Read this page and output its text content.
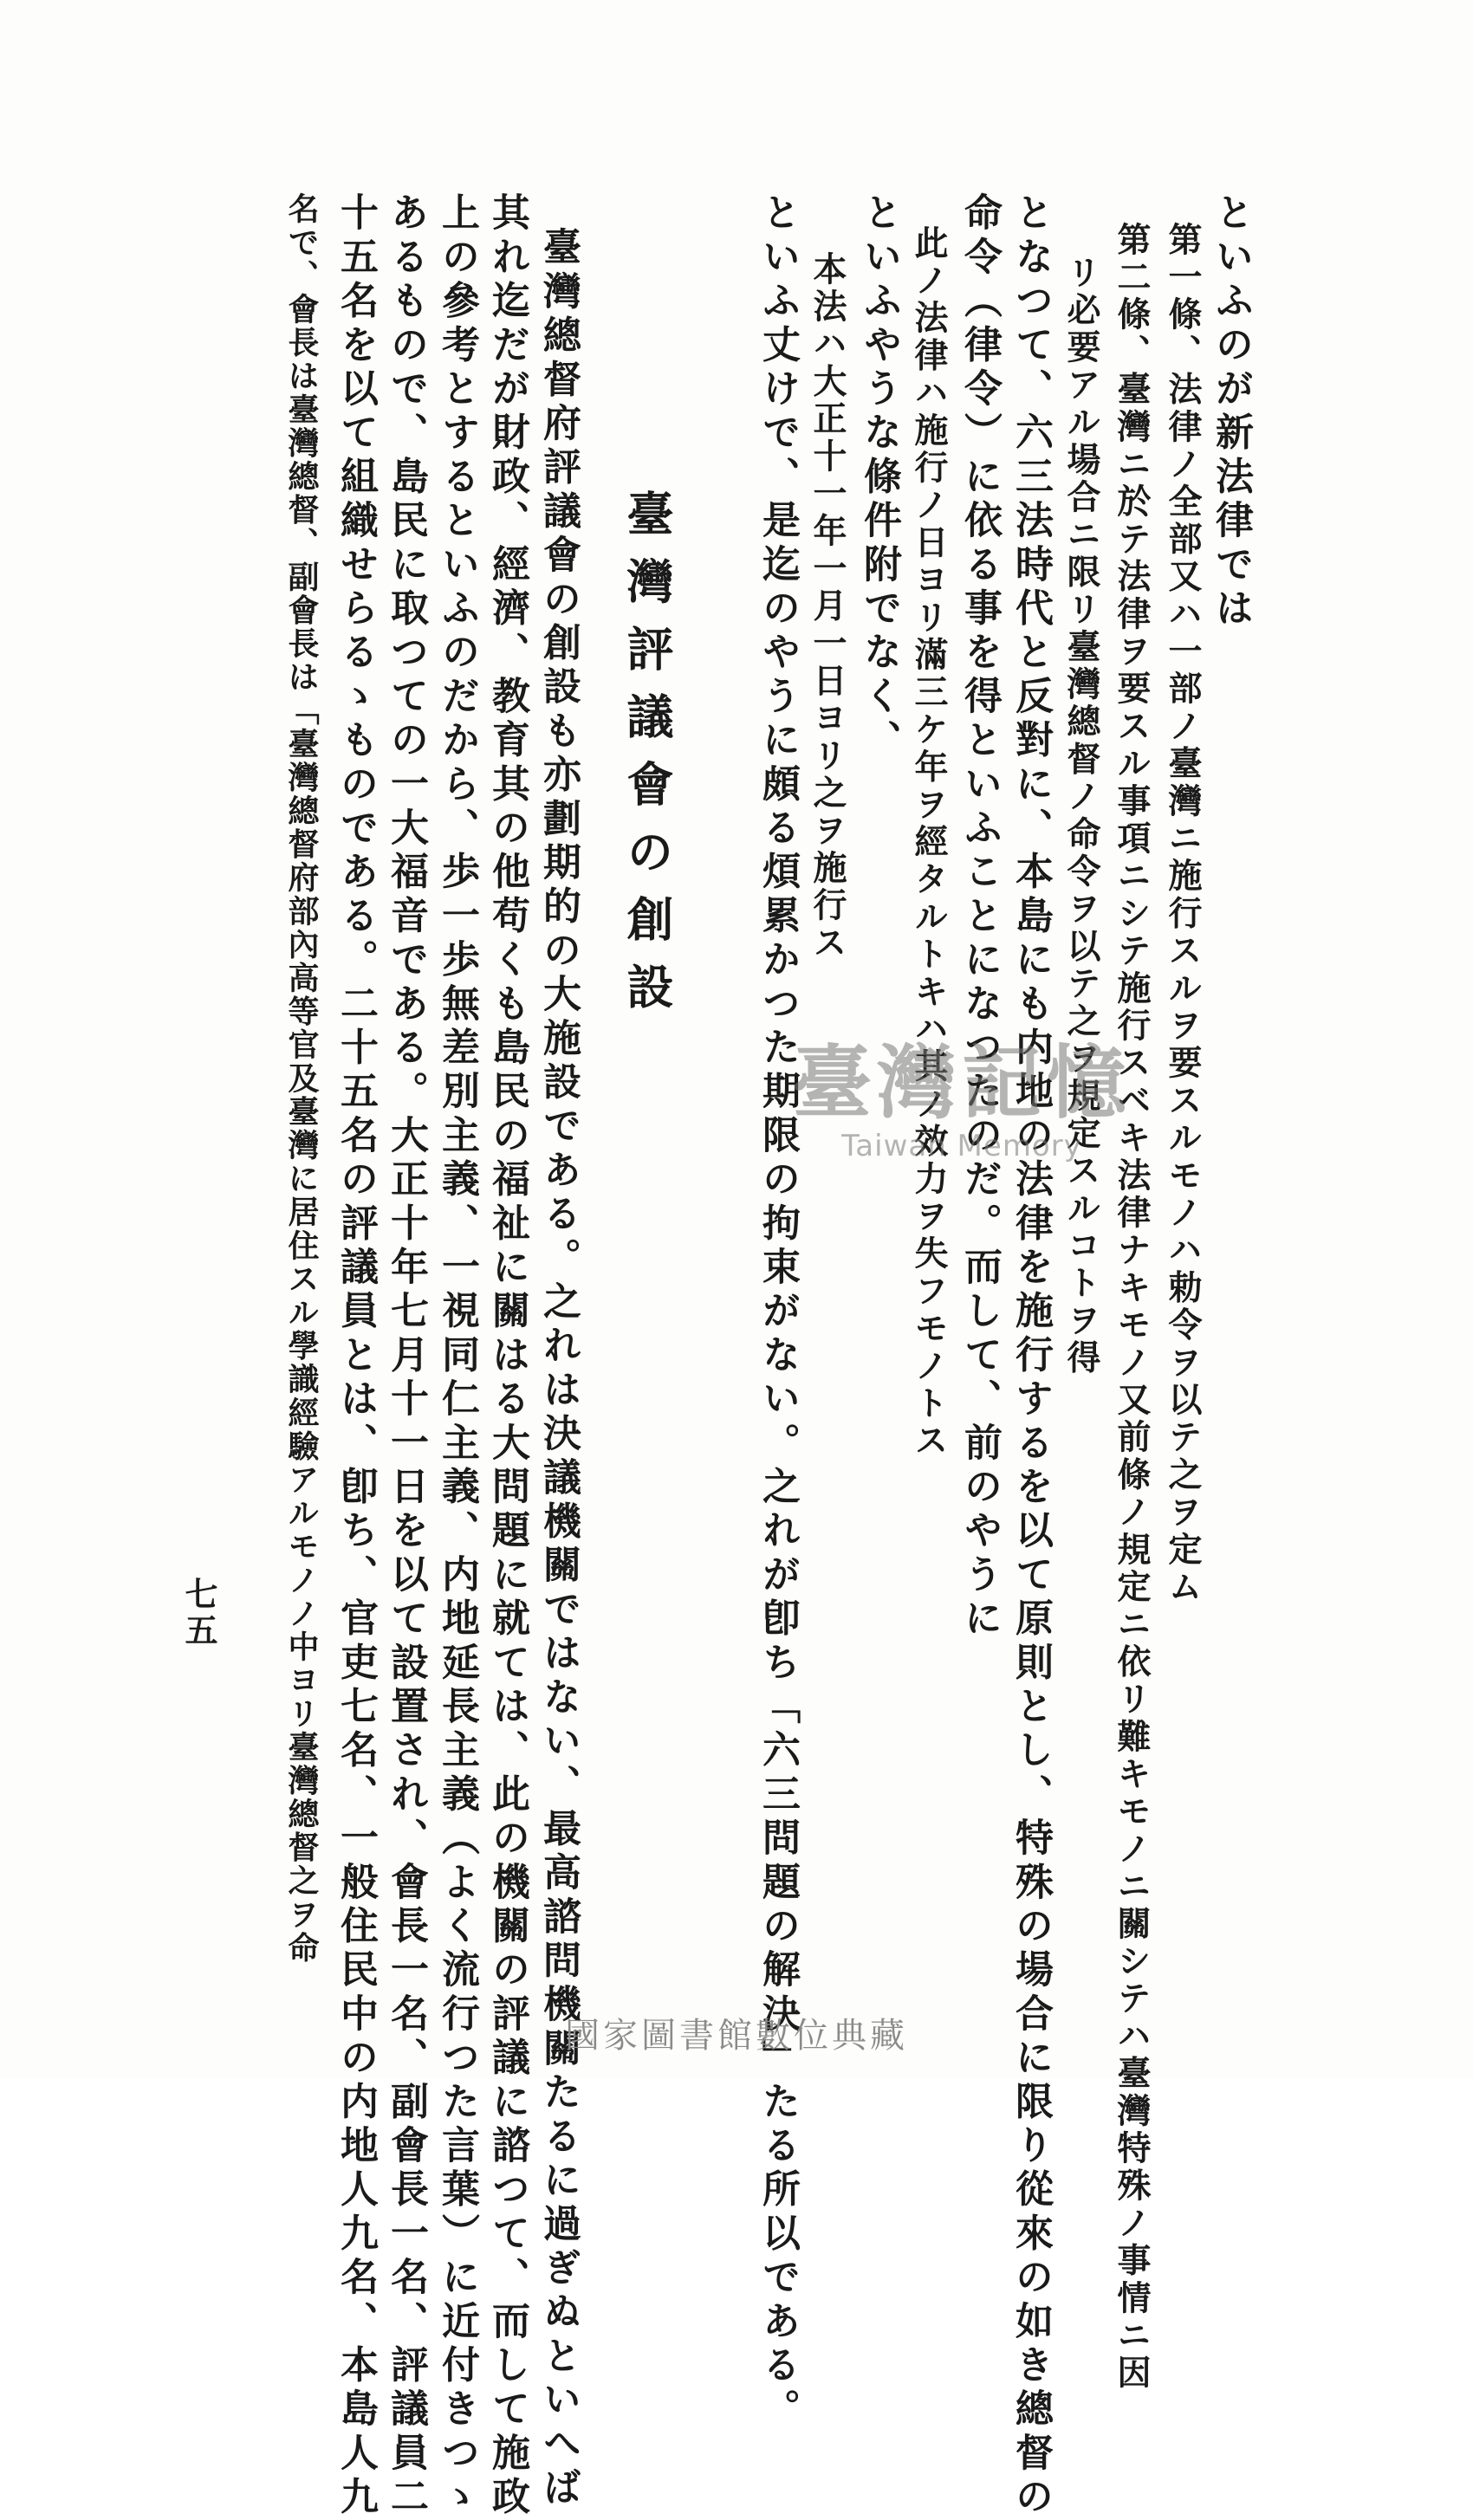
といふのが新法律では
第一條、法律ノ全部又ハ一部ノ臺灣ニ施行スルヲ要スルモノハ勅令ヲ以テ之ヲ定ム
第二條、臺灣ニ於テ法律ヲ要スル事項ニシテ施行スベキ法律ナキモノ又前條ノ規定ニ依リ難キモノニ關シテハ臺灣特殊ノ事情ニ因
リ必要アル場合ニ限リ臺灣總督ノ命令ヲ以テ之ヲ規定スルコトヲ得
となつて、六三法時代と反對に、本島にも内地の法律を施行するを以て原則とし、特殊の場合に限り從來の如き總督の
命令（律令）に依る事を得といふことになつたのだ。而して、前のやうに
此ノ法律ハ施行ノ日ヨリ滿三ケ年ヲ經タルトキハ其ノ效力ヲ失フモノトス
といふやうな條件附でなく、
本法ハ大正十一年一月一日ヨリ之ヲ施行ス
といふ丈けで、是迄のやうに頗る煩累かつた期限の拘束がない。之れが卽ち「六三問題の解決」たる所以である。
臺灣評議會の創設
臺灣總督府評議會の創設も亦劃期的の大施設である。之れは決議機關ではない、最高諮問機關たるに過ぎぬといへば
其れ迄だが財政、經濟、教育其の他苟くも島民の福祉に關はる大問題に就ては、此の機關の評議に諮つて、而して施政
上の參考とするといふのだから、歩一歩無差別主義、一視同仁主義、内地延長主義（よく流行つた言葉）に近付きつゝ
あるもので、島民に取つての一大福音である。大正十年七月十一日を以て設置され、會長一名、副會長一名、評議員二
十五名を以て組織せらるゝものである。二十五名の評議員とは、卽ち、官吏七名、一般住民中の内地人九名、本島人九
名で、會長は臺灣總督、副會長は「臺灣總督府部內高等官及臺灣に居住スル學識經驗アルモノノ中ヨリ臺灣總督之ヲ命
七五
臺灣記憶
Taiwan Memory
國家圖書館數位典藏
